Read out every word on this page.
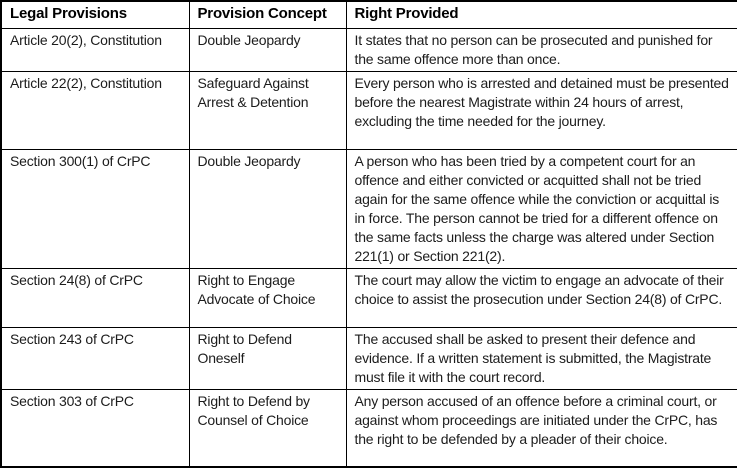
Legal Provisions	Provision Concept	Right Provided
Article 20(2), Constitution	Double Jeopardy	It states that no person can be prosecuted and punished for the same offence more than once.
Article 22(2), Constitution	Safeguard Against Arrest & Detention	Every person who is arrested and detained must be presented before the nearest Magistrate within 24 hours of arrest, excluding the time needed for the journey.
Section 300(1) of CrPC	Double Jeopardy	A person who has been tried by a competent court for an offence and either convicted or acquitted shall not be tried again for the same offence while the conviction or acquittal is in force. The person cannot be tried for a different offence on the same facts unless the charge was altered under Section 221(1) or Section 221(2).
Section 24(8) of CrPC	Right to Engage Advocate of Choice	The court may allow the victim to engage an advocate of their choice to assist the prosecution under Section 24(8) of CrPC.
Section 243 of CrPC	Right to Defend Oneself	The accused shall be asked to present their defence and evidence. If a written statement is submitted, the Magistrate must file it with the court record.
Section 303 of CrPC	Right to Defend by Counsel of Choice	Any person accused of an offence before a criminal court, or against whom proceedings are initiated under the CrPC, has the right to be defended by a pleader of their choice.
